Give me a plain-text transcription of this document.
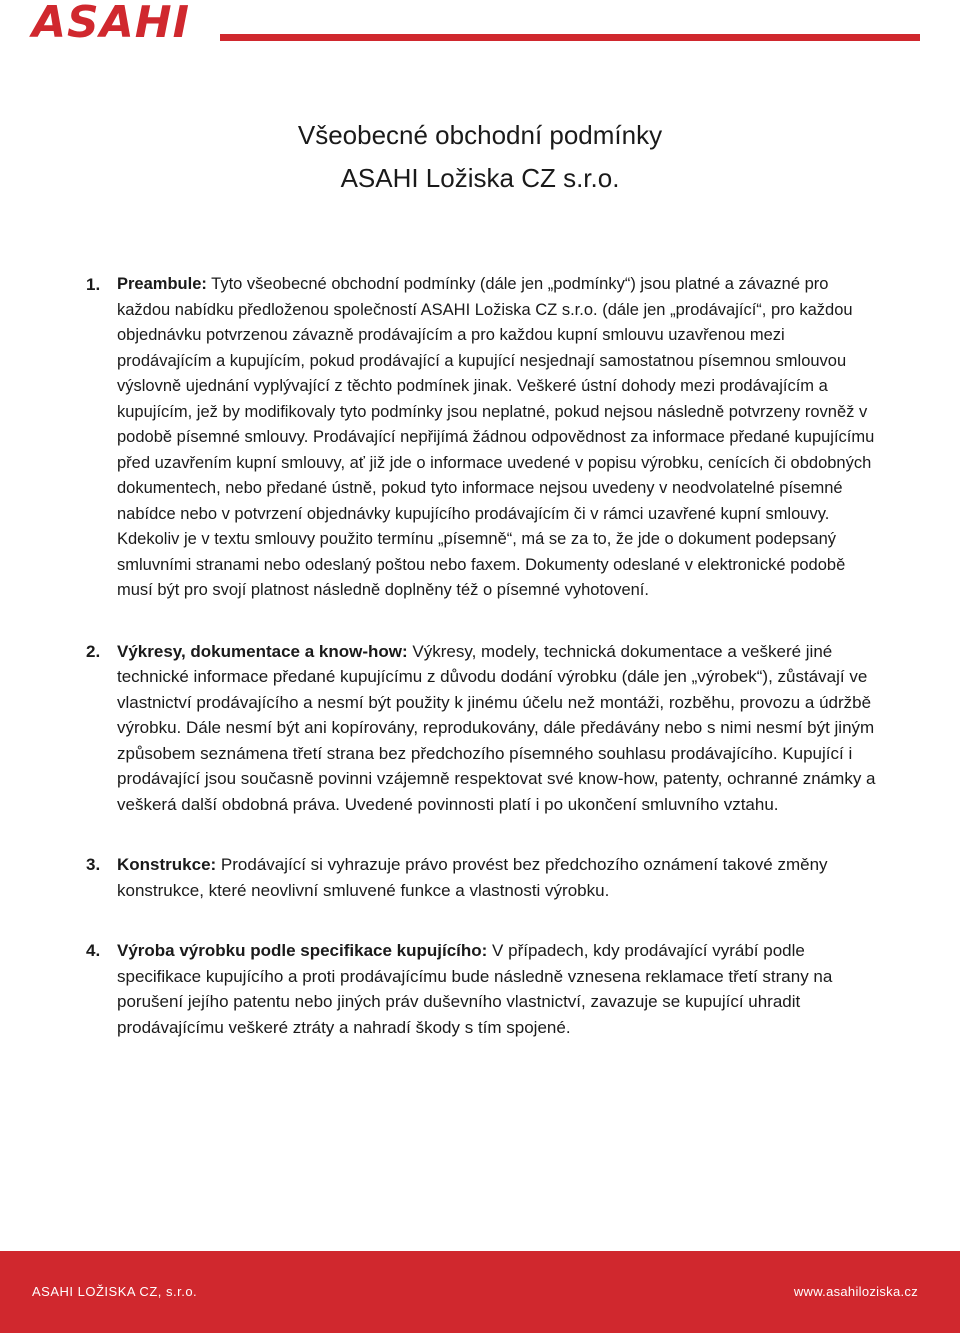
ASAHI
Všeobecné obchodní podmínky
ASAHI Ložiska CZ s.r.o.
1. Preambule: Tyto všeobecné obchodní podmínky (dále jen „podmínky“) jsou platné a závazné pro každou nabídku předloženou společností ASAHI Ložiska CZ s.r.o. (dále jen „prodávající“, pro každou objednávku potvrzenou závazně prodávajícím a pro každou kupní smlouvu uzavřenou mezi prodávajícím a kupujícím, pokud prodávající a kupující nesjednají samostatnou písemnou smlouvou výslovně ujednání vyplývající z těchto podmínek jinak. Veškeré ústní dohody mezi prodávajícím a kupujícím, jež by modifikovaly tyto podmínky jsou neplatné, pokud nejsou následně potvrzeny rovněž v podobě písemné smlouvy. Prodávající nepřijímá žádnou odpovědnost za informace předané kupujícímu před uzavřením kupní smlouvy, ať již jde o informace uvedené v popisu výrobku, cenících či obdobných dokumentech, nebo předané ústně, pokud tyto informace nejsou uvedeny v neodvolatelné písemné nabídce nebo v potvrzení objednávky kupujícího prodávajícím či v rámci uzavřené kupní smlouvy. Kdekoliv je v textu smlouvy použito termínu „písemně“, má se za to, že jde o dokument podepsaný smluvními stranami nebo odeslaný poštou nebo faxem. Dokumenty odeslané v elektronické podobě musí být pro svojí platnost následně doplněny též o písemné vyhotovení.
2. Výkresy, dokumentace a know-how: Výkresy, modely, technická dokumentace a veškeré jiné technické informace předané kupujícímu z důvodu dodání výrobku (dále jen „výrobek“), zůstávají ve vlastnictví prodávajícího a nesmí být použity k jinému účelu než montáži, rozběhu, provozu a údržbě výrobku. Dále nesmí být ani kopírovány, reprodukovány, dále předávány nebo s nimi nesmí být jiným způsobem seznámena třetí strana bez předchozího písemného souhlasu prodávajícího. Kupující i prodávající jsou současně povinni vzájemně respektovat své know-how, patenty, ochranné známky a veškerá další obdobná práva. Uvedené povinnosti platí i po ukončení smluvního vztahu.
3. Konstrukce: Prodávající si vyhrazuje právo provést bez předchozího oznámení takové změny konstrukce, které neovlivní smluvené funkce a vlastnosti výrobku.
4. Výroba výrobku podle specifikace kupujícího: V případech, kdy prodávající vyrábí podle specifikace kupujícího a proti prodávajícímu bude následně vznesena reklamace třetí strany na porušení jejího patentu nebo jiných práv duševního vlastnictví, zavazuje se kupující uhradit prodávajícímu veškeré ztráty a nahradí škody s tím spojené.
ASAHI LOŽISKA CZ, s.r.o.	www.asahiloziska.cz
